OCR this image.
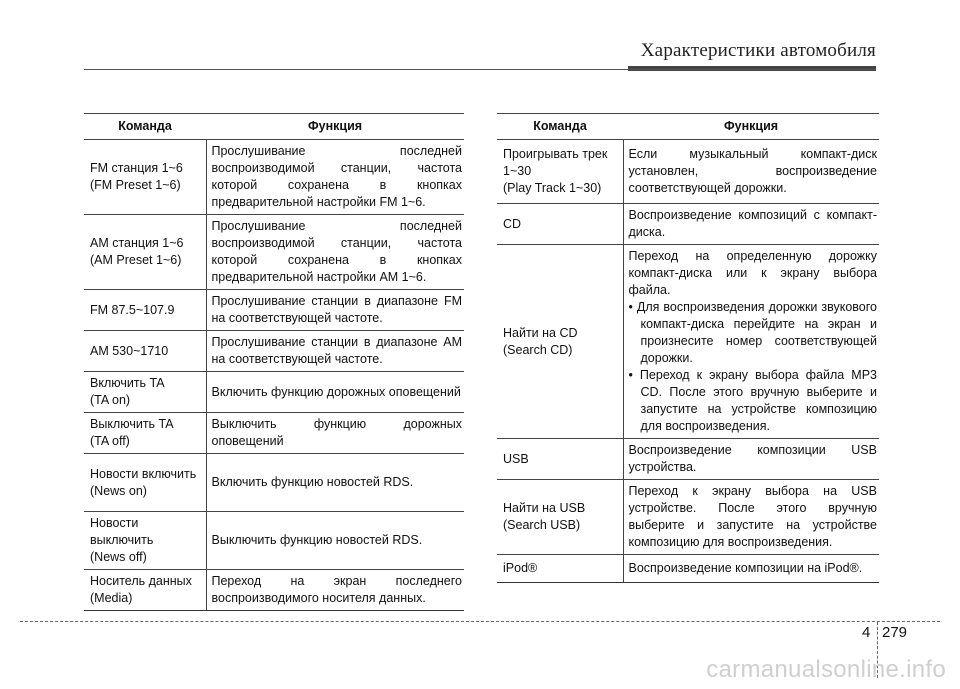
Характеристики автомобиля
Команда	Функция
FM станция 1~6
(FM Preset 1~6)	Прослушивание последней воспроизводимой станции, частота которой сохранена в кнопках предварительной настройки FM 1~6.
AM станция 1~6
(AM Preset 1~6)	Прослушивание последней воспроизводимой станции, частота которой сохранена в кнопках предварительной настройки AM 1~6.
FM 87.5~107.9	Прослушивание станции в диапазоне FM на соответствующей частоте.
AM 530~1710	Прослушивание станции в диапазоне AM на соответствующей частоте.
Включить TA
(TA on)	Включить функцию дорожных оповещений
Выключить TA
(TA off)	Выключить функцию дорожных оповещений
Новости включить
(News on)	Включить функцию новостей RDS.
Новости выключить
(News off)	Выключить функцию новостей RDS.
Носитель данных
(Media)	Переход на экран последнего воспроизводимого носителя данных.
Команда	Функция
Проигрывать трек
1~30
(Play Track 1~30)	Если музыкальный компакт-диск установлен, воспроизведение соответствующей дорожки.

CD	Воспроизведение композиций с компакт-диска.

Найти на CD
(Search CD)	Переход на определенную дорожку компакт-диска или к экрану выбора файла.
• Для воспроизведения дорожки звукового компакт-диска перейдите на экран и произнесите номер соответствующей дорожки.
• Переход к экрану выбора файла MP3 CD. После этого вручную выберите и запустите на устройстве композицию для воспроизведения.

USB	Воспроизведение композиции USB устройства.

Найти на USB
(Search USB)	Переход к экрану выбора на USB устройстве. После этого вручную выберите и запустите на устройстве композицию для воспроизведения.

iPod®	Воспроизведение композиции на iPod®.
4 279
carmanualsonline.info
